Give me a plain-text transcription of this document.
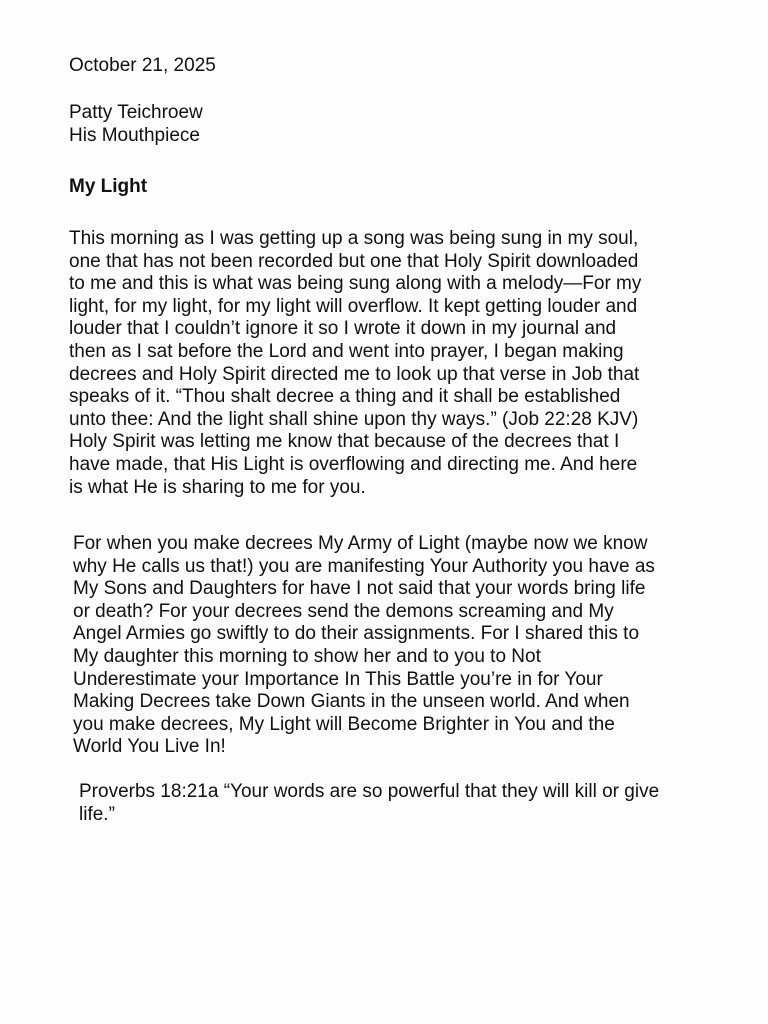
October 21, 2025

Patty Teichroew
His Mouthpiece

My Light

This morning as I was getting up a song was being sung in my soul,
one that has not been recorded but one that Holy Spirit downloaded
to me and this is what was being sung along with a melody—For my
light, for my light, for my light will overflow. It kept getting louder and
louder that I couldn’t ignore it so I wrote it down in my journal and
then as I sat before the Lord and went into prayer, I began making
decrees and Holy Spirit directed me to look up that verse in Job that
speaks of it. “Thou shalt decree a thing and it shall be established
unto thee: And the light shall shine upon thy ways.” (Job 22:28 KJV)
Holy Spirit was letting me know that because of the decrees that I
have made, that His Light is overflowing and directing me. And here
is what He is sharing to me for you.

For when you make decrees My Army of Light (maybe now we know
why He calls us that!) you are manifesting Your Authority you have as
My Sons and Daughters for have I not said that your words bring life
or death? For your decrees send the demons screaming and My
Angel Armies go swiftly to do their assignments. For I shared this to
My daughter this morning to show her and to you to Not
Underestimate your Importance In This Battle you’re in for Your
Making Decrees take Down Giants in the unseen world. And when
you make decrees, My Light will Become Brighter in You and the
World You Live In!

Proverbs 18:21a “Your words are so powerful that they will kill or give
life.”
